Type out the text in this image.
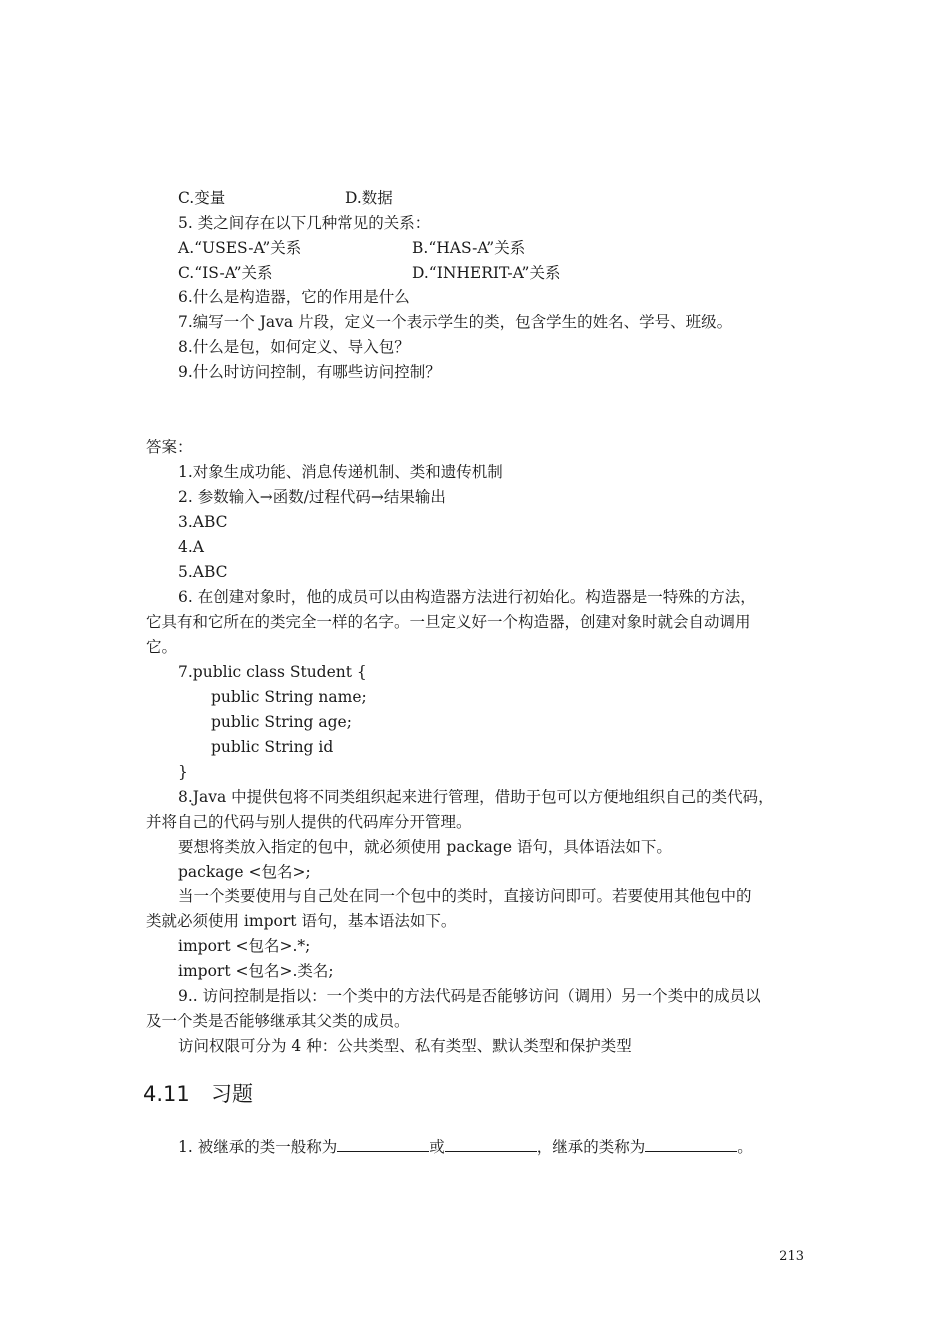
C.变量	D.数据
5. 类之间存在以下几种常见的关系：
A.“USES-A”关系	B.“HAS-A”关系
C.“IS-A”关系	D.“INHERIT-A”关系
6.什么是构造器，它的作用是什么
7.编写一个 Java 片段，定义一个表示学生的类，包含学生的姓名、学号、班级。
8.什么是包，如何定义、导入包？
9.什么时访问控制，有哪些访问控制？
答案：
1.对象生成功能、消息传递机制、类和遗传机制
2. 参数输入→函数/过程代码→结果输出
3.ABC
4.A
5.ABC
6. 在创建对象时，他的成员可以由构造器方法进行初始化。构造器是一特殊的方法，
它具有和它所在的类完全一样的名字。一旦定义好一个构造器，创建对象时就会自动调用
它。
7.public class Student {
public String name;
public String age;
public String id
}
8.Java 中提供包将不同类组织起来进行管理，借助于包可以方便地组织自己的类代码，
并将自己的代码与别人提供的代码库分开管理。
要想将类放入指定的包中，就必须使用 package 语句，具体语法如下。
package <包名>;
当一个类要使用与自己处在同一个包中的类时，直接访问即可。若要使用其他包中的
类就必须使用 import 语句，基本语法如下。
import <包名>.*;
import <包名>.类名;
9.. 访问控制是指以：一个类中的方法代码是否能够访问（调用）另一个类中的成员以
及一个类是否能够继承其父类的成员。
访问权限可分为 4 种：公共类型、私有类型、默认类型和保护类型
4.11 习题
1. 被继承的类一般称为	或	，继承的类称为	。
213
